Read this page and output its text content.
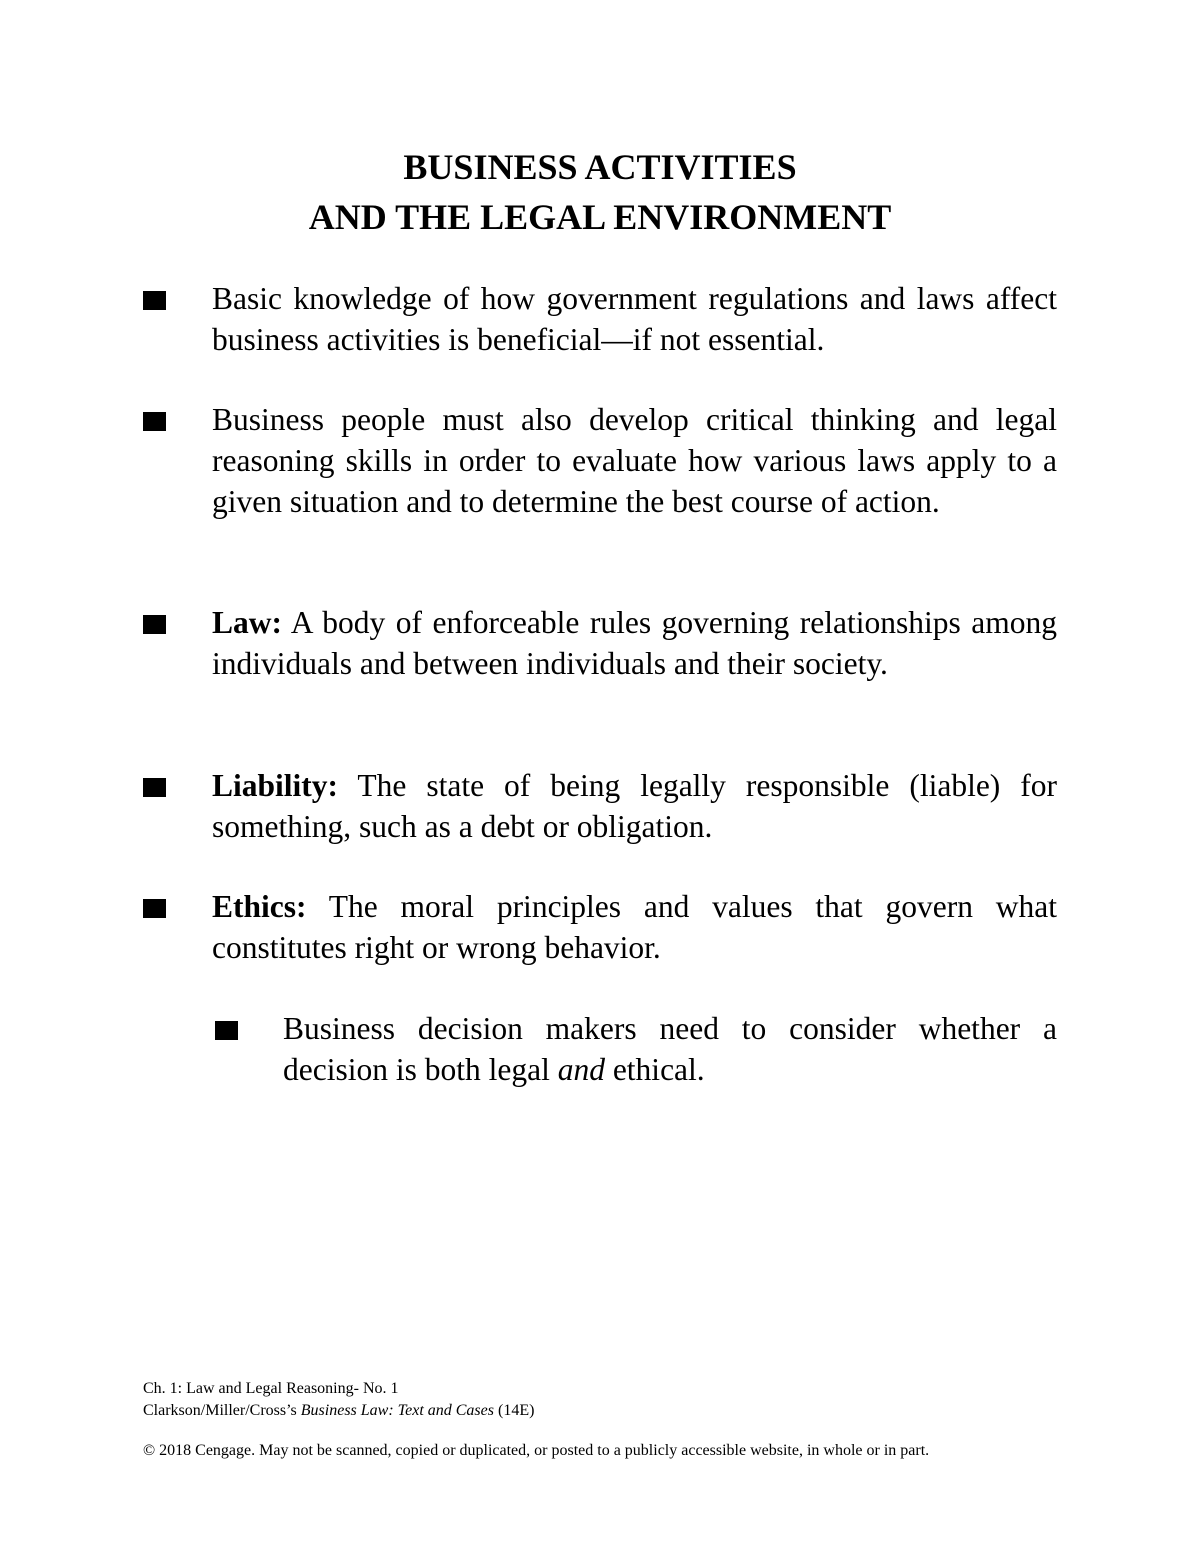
BUSINESS ACTIVITIES
AND THE LEGAL ENVIRONMENT
Basic knowledge of how government regulations and laws affect business activities is beneficial—if not essential.
Business people must also develop critical thinking and legal reasoning skills in order to evaluate how various laws apply to a given situation and to determine the best course of action.
Law: A body of enforceable rules governing relationships among individuals and between individuals and their society.
Liability: The state of being legally responsible (liable) for something, such as a debt or obligation.
Ethics: The moral principles and values that govern what constitutes right or wrong behavior.
Business decision makers need to consider whether a decision is both legal and ethical.
Ch. 1: Law and Legal Reasoning- No. 1
Clarkson/Miller/Cross’s Business Law: Text and Cases (14E)
© 2018 Cengage. May not be scanned, copied or duplicated, or posted to a publicly accessible website, in whole or in part.
